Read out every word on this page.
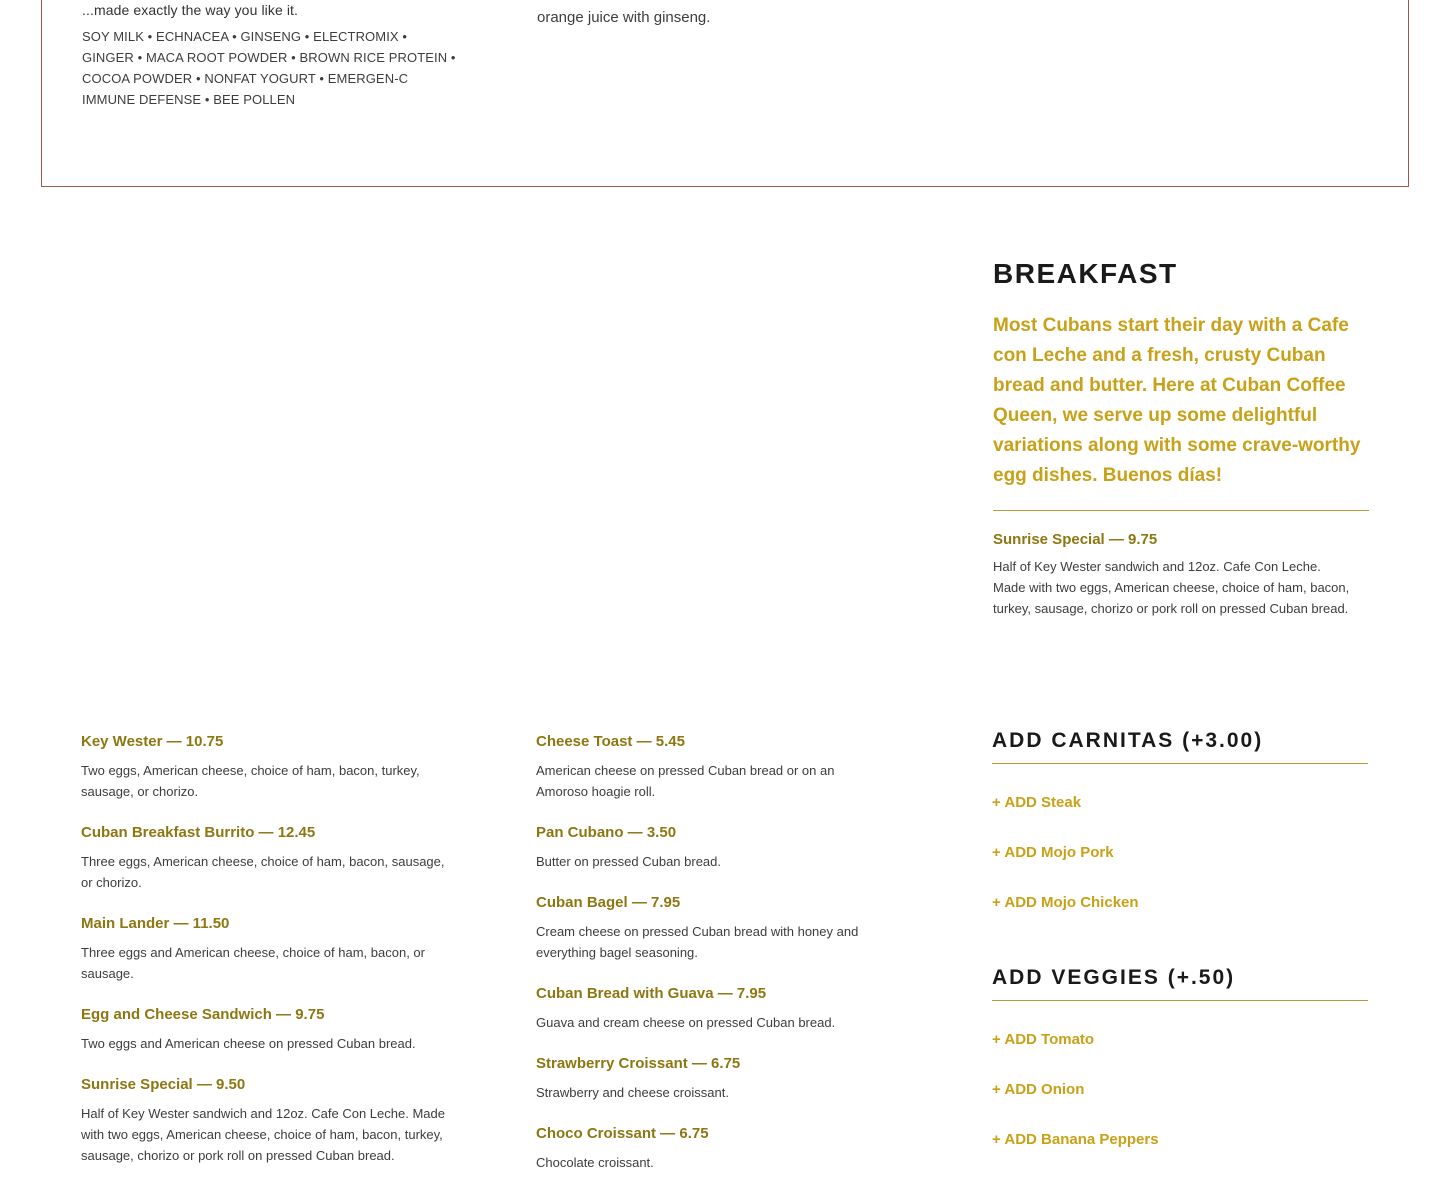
...made exactly the way you like it.
SOY MILK • ECHNACEA • GINSENG • ELECTROMIX • GINGER • MACA ROOT POWDER • BROWN RICE PROTEIN • COCOA POWDER • NONFAT YOGURT • EMERGEN-C IMMUNE DEFENSE • BEE POLLEN
orange juice with ginseng.
BREAKFAST
Most Cubans start their day with a Cafe con Leche and a fresh, crusty Cuban bread and butter. Here at Cuban Coffee Queen, we serve up some delightful variations along with some crave-worthy egg dishes. Buenos días!
Sunrise Special — 9.75
Half of Key Wester sandwich and 12oz. Cafe Con Leche. Made with two eggs, American cheese, choice of ham, bacon, turkey, sausage, chorizo or pork roll on pressed Cuban bread.
Key Wester — 10.75
Two eggs, American cheese, choice of ham, bacon, turkey, sausage, or chorizo.
Cuban Breakfast Burrito — 12.45
Three eggs, American cheese, choice of ham, bacon, sausage, or chorizo.
Main Lander — 11.50
Three eggs and American cheese, choice of ham, bacon, or sausage.
Egg and Cheese Sandwich — 9.75
Two eggs and American cheese on pressed Cuban bread.
Sunrise Special — 9.50
Half of Key Wester sandwich and 12oz. Cafe Con Leche. Made with two eggs, American cheese, choice of ham, bacon, turkey, sausage, chorizo or pork roll on pressed Cuban bread.
Cheese Toast — 5.45
American cheese on pressed Cuban bread or on an Amoroso hoagie roll.
Pan Cubano — 3.50
Butter on pressed Cuban bread.
Cuban Bagel — 7.95
Cream cheese on pressed Cuban bread with honey and everything bagel seasoning.
Cuban Bread with Guava — 7.95
Guava and cream cheese on pressed Cuban bread.
Strawberry Croissant — 6.75
Strawberry and cheese croissant.
Choco Croissant — 6.75
Chocolate croissant.
ADD CARNITAS (+3.00)
+ ADD Steak
+ ADD Mojo Pork
+ ADD Mojo Chicken
ADD VEGGIES (+.50)
+ ADD Tomato
+ ADD Onion
+ ADD Banana Peppers
